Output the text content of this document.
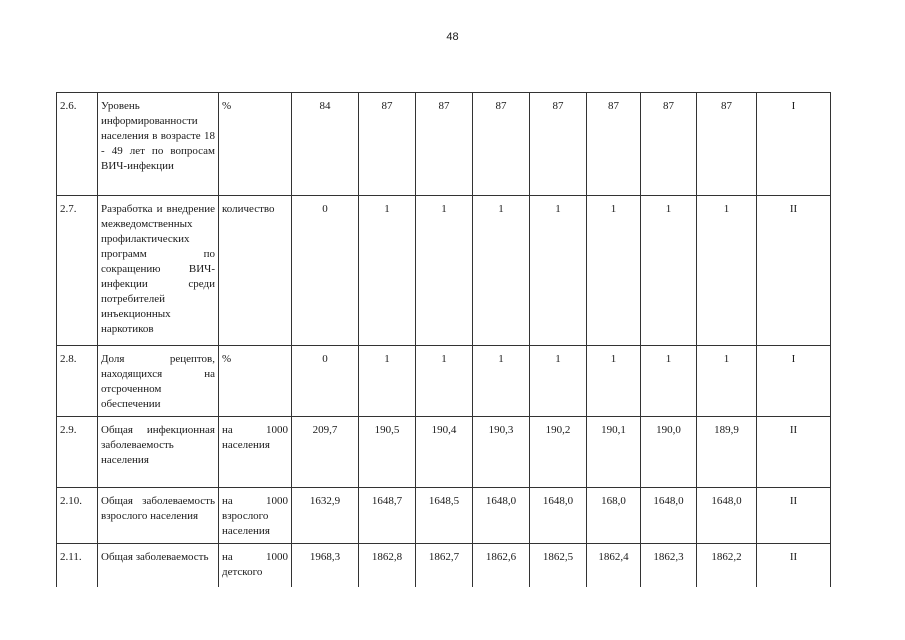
48
2.6.	Уровень информированности населения в возрасте 18 - 49 лет по вопросам ВИЧ-инфекции	%	84	87	87	87	87	87	87	87	I
2.7.	Разработка и внедрение межведомственных профилактических программ по сокращению ВИЧ-инфекции среди потребителей инъекционных наркотиков	количество	0	1	1	1	1	1	1	1	II
2.8.	Доля рецептов, находящихся на отсроченном обеспечении	%	0	1	1	1	1	1	1	1	I
2.9.	Общая инфекционная заболеваемость населения	на 1000 населения	209,7	190,5	190,4	190,3	190,2	190,1	190,0	189,9	II
2.10.	Общая заболеваемость взрослого населения	на 1000 взрослого населения	1632,9	1648,7	1648,5	1648,0	1648,0	168,0	1648,0	1648,0	II
2.11.	Общая заболеваемость	на 1000 детского	1968,3	1862,8	1862,7	1862,6	1862,5	1862,4	1862,3	1862,2	II
